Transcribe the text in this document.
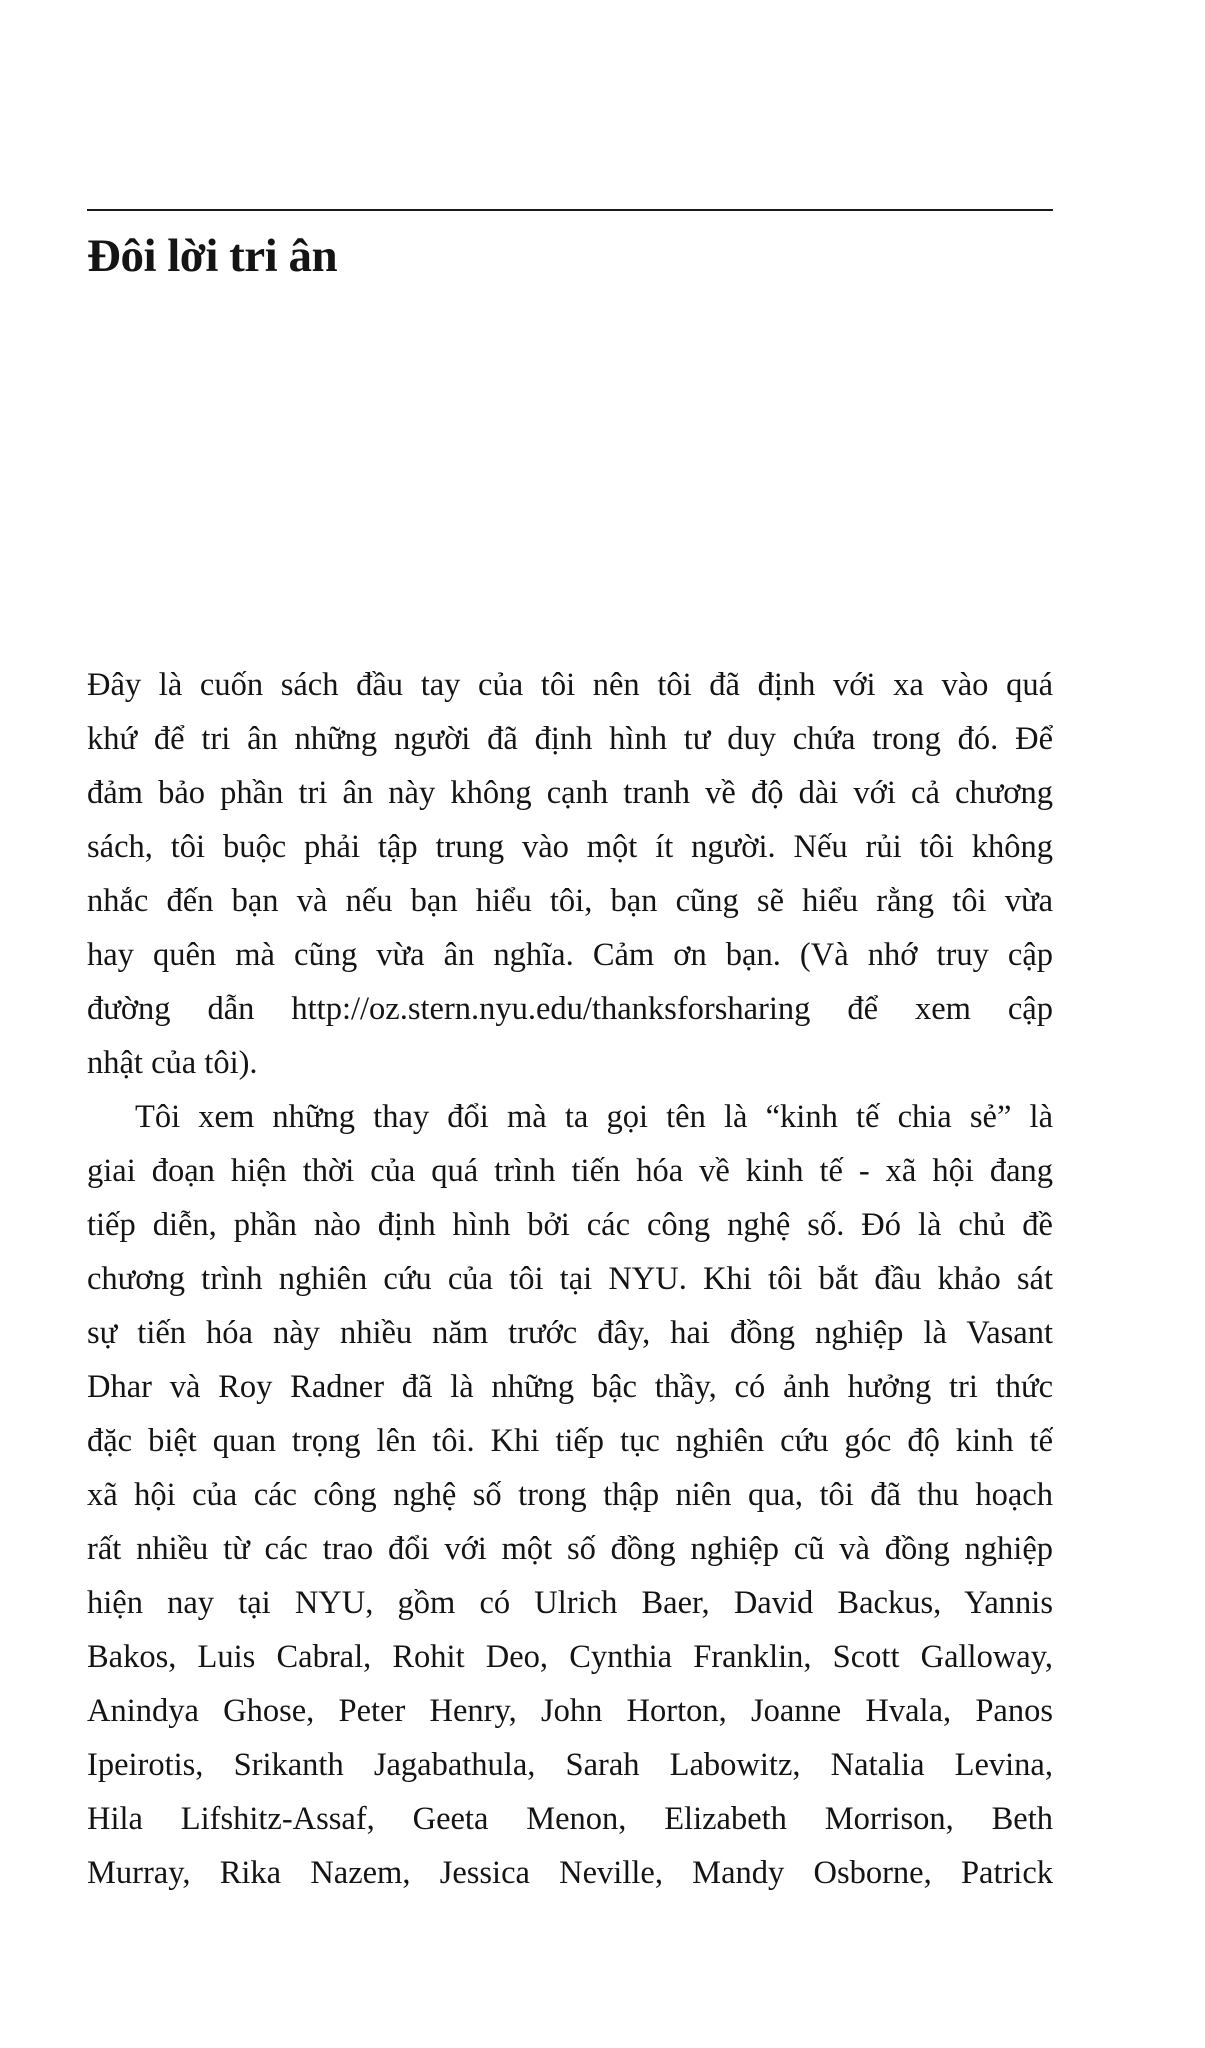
Đôi lời tri ân
Đây là cuốn sách đầu tay của tôi nên tôi đã định với xa vào quá
khứ để tri ân những người đã định hình tư duy chứa trong đó. Để
đảm bảo phần tri ân này không cạnh tranh về độ dài với cả chương
sách, tôi buộc phải tập trung vào một ít người. Nếu rủi tôi không
nhắc đến bạn và nếu bạn hiểu tôi, bạn cũng sẽ hiểu rằng tôi vừa
hay quên mà cũng vừa ân nghĩa. Cảm ơn bạn. (Và nhớ truy cập
đường dẫn http://oz.stern.nyu.edu/thanksforsharing để xem cập
nhật của tôi).
Tôi xem những thay đổi mà ta gọi tên là “kinh tế chia sẻ” là
giai đoạn hiện thời của quá trình tiến hóa về kinh tế - xã hội đang
tiếp diễn, phần nào định hình bởi các công nghệ số. Đó là chủ đề
chương trình nghiên cứu của tôi tại NYU. Khi tôi bắt đầu khảo sát
sự tiến hóa này nhiều năm trước đây, hai đồng nghiệp là Vasant
Dhar và Roy Radner đã là những bậc thầy, có ảnh hưởng tri thức
đặc biệt quan trọng lên tôi. Khi tiếp tục nghiên cứu góc độ kinh tế
xã hội của các công nghệ số trong thập niên qua, tôi đã thu hoạch
rất nhiều từ các trao đổi với một số đồng nghiệp cũ và đồng nghiệp
hiện nay tại NYU, gồm có Ulrich Baer, David Backus, Yannis
Bakos, Luis Cabral, Rohit Deo, Cynthia Franklin, Scott Galloway,
Anindya Ghose, Peter Henry, John Horton, Joanne Hvala, Panos
Ipeirotis, Srikanth Jagabathula, Sarah Labowitz, Natalia Levina,
Hila Lifshitz-Assaf, Geeta Menon, Elizabeth Morrison, Beth
Murray, Rika Nazem, Jessica Neville, Mandy Osborne, Patrick
